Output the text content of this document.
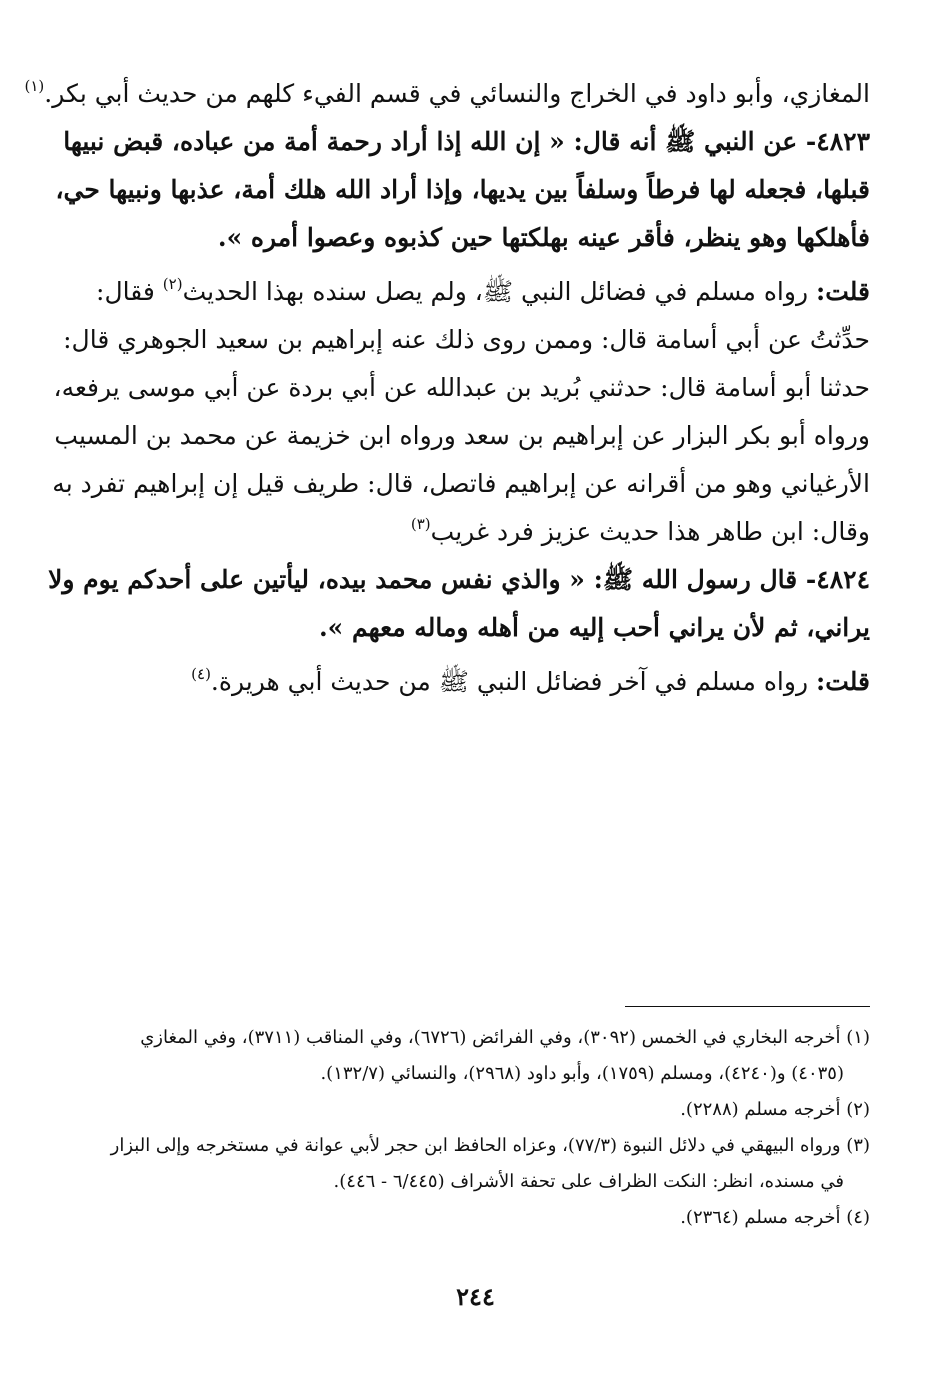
المغازي، وأبو داود في الخراج والنسائي في قسم الفيء كلهم من حديث أبي بكر.$^{(١)}$
٤٨٢٣- عن النبي ﷺ أنه قال: « إن الله إذا أراد رحمة أمة من عباده، قبض نبيها
قبلها، فجعله لها فرطاً وسلفاً بين يديها، وإذا أراد الله هلك أمة، عذبها ونبيها حي،
فأهلكها وهو ينظر، فأقر عينه بهلكتها حين كذبوه وعصوا أمره ».
قلت: رواه مسلم في فضائل النبي ﷺ، ولم يصل سنده بهذا الحديث$^{(٢)}$ فقال:
حدِّثتُ عن أبي أسامة قال: وممن روى ذلك عنه إبراهيم بن سعيد الجوهري قال:
حدثنا أبو أسامة قال: حدثني بُريد بن عبدالله عن أبي بردة عن أبي موسى يرفعه،
ورواه أبو بكر البزار عن إبراهيم بن سعد ورواه ابن خزيمة عن محمد بن المسيب
الأرغياني وهو من أقرانه عن إبراهيم فاتصل، قال: طريف قيل إن إبراهيم تفرد به
وقال: ابن طاهر هذا حديث عزيز فرد غريب$^{(٣)}$
٤٨٢٤- قال رسول الله ﷺ: « والذي نفس محمد بيده، ليأتين على أحدكم يوم ولا
يراني، ثم لأن يراني أحب إليه من أهله وماله معهم ».
قلت: رواه مسلم في آخر فضائل النبي ﷺ من حديث أبي هريرة.$^{(٤)}$
(١) أخرجه البخاري في الخمس (٣٠٩٢)، وفي الفرائض (٦٧٢٦)، وفي المناقب (٣٧١١)، وفي المغازي
(٤٠٣٥) و(٤٢٤٠)، ومسلم (١٧٥٩)، وأبو داود (٢٩٦٨)، والنسائي (١٣٢/٧).
(٢) أخرجه مسلم (٢٢٨٨).
(٣) ورواه البيهقي في دلائل النبوة (٧٧/٣)، وعزاه الحافظ ابن حجر لأبي عوانة في مستخرجه وإلى البزار
في مسنده، انظر: النكت الظراف على تحفة الأشراف (٦/٤٤٥ - ٤٤٦).
(٤) أخرجه مسلم (٢٣٦٤).
٢٤٤
